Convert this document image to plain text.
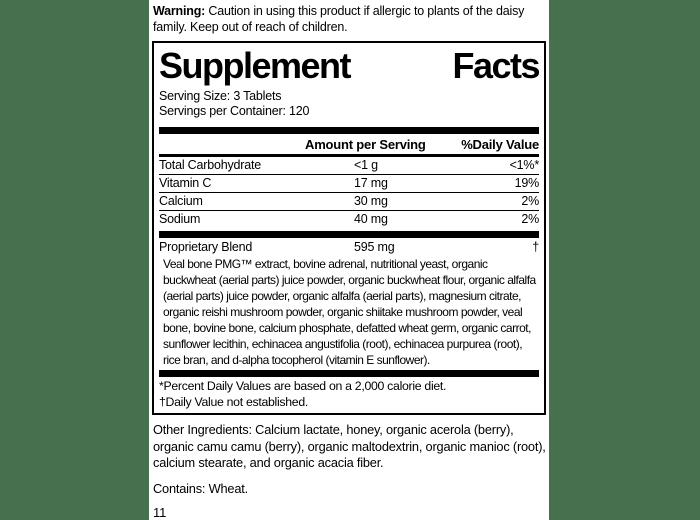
Warning: Caution in using this product if allergic to plants of the daisy family. Keep out of reach of children.

Supplement	Facts
Serving Size: 3 Tablets
Servings per Container: 120
Amount per Serving	%Daily Value
Total Carbohydrate	<1 g	<1%*
Vitamin C	17 mg	19%
Calcium	30 mg	2%
Sodium	40 mg	2%
Proprietary Blend	595 mg	†
Veal bone PMG™ extract, bovine adrenal, nutritional yeast, organic buckwheat (aerial parts) juice powder, organic buckwheat flour, organic alfalfa (aerial parts) juice powder, organic alfalfa (aerial parts), magnesium citrate, organic reishi mushroom powder, organic shiitake mushroom powder, veal bone, bovine bone, calcium phosphate, defatted wheat germ, organic carrot, sunflower lecithin, echinacea angustifolia (root), echinacea purpurea (root), rice bran, and d-alpha tocopherol (vitamin E sunflower).
*Percent Daily Values are based on a 2,000 calorie diet.
†Daily Value not established.

Other Ingredients: Calcium lactate, honey, organic acerola (berry), organic camu camu (berry), organic maltodextrin, organic manioc (root), calcium stearate, and organic acacia fiber.

Contains: Wheat.

11
